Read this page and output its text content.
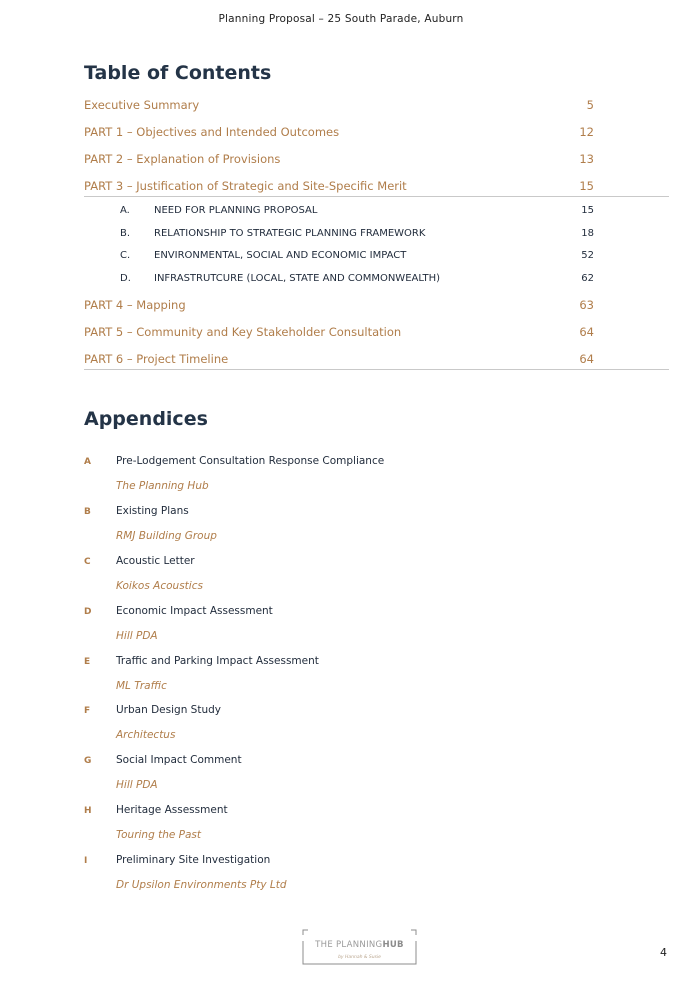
Planning Proposal – 25 South Parade, Auburn
Table of Contents
Executive Summary	5
PART 1 – Objectives and Intended Outcomes	12
PART 2 – Explanation of Provisions	13
PART 3 – Justification of Strategic and Site-Specific Merit	15
A. NEED FOR PLANNING PROPOSAL	15
B. RELATIONSHIP TO STRATEGIC PLANNING FRAMEWORK	18
C. ENVIRONMENTAL, SOCIAL AND ECONOMIC IMPACT	52
D. INFRASTRUTCURE (LOCAL, STATE AND COMMONWEALTH)	62
PART 4 – Mapping	63
PART 5 – Community and Key Stakeholder Consultation	64
PART 6 – Project Timeline	64
Appendices
A Pre-Lodgement Consultation Response Compliance
The Planning Hub
B Existing Plans
RMJ Building Group
C Acoustic Letter
Koikos Acoustics
D Economic Impact Assessment
Hill PDA
E Traffic and Parking Impact Assessment
ML Traffic
F Urban Design Study
Architectus
G Social Impact Comment
Hill PDA
H Heritage Assessment
Touring the Past
I	Preliminary Site Investigation
Dr Upsilon Environments Pty Ltd
THE PLANNINGHUB
by Hannah & Susie	4
